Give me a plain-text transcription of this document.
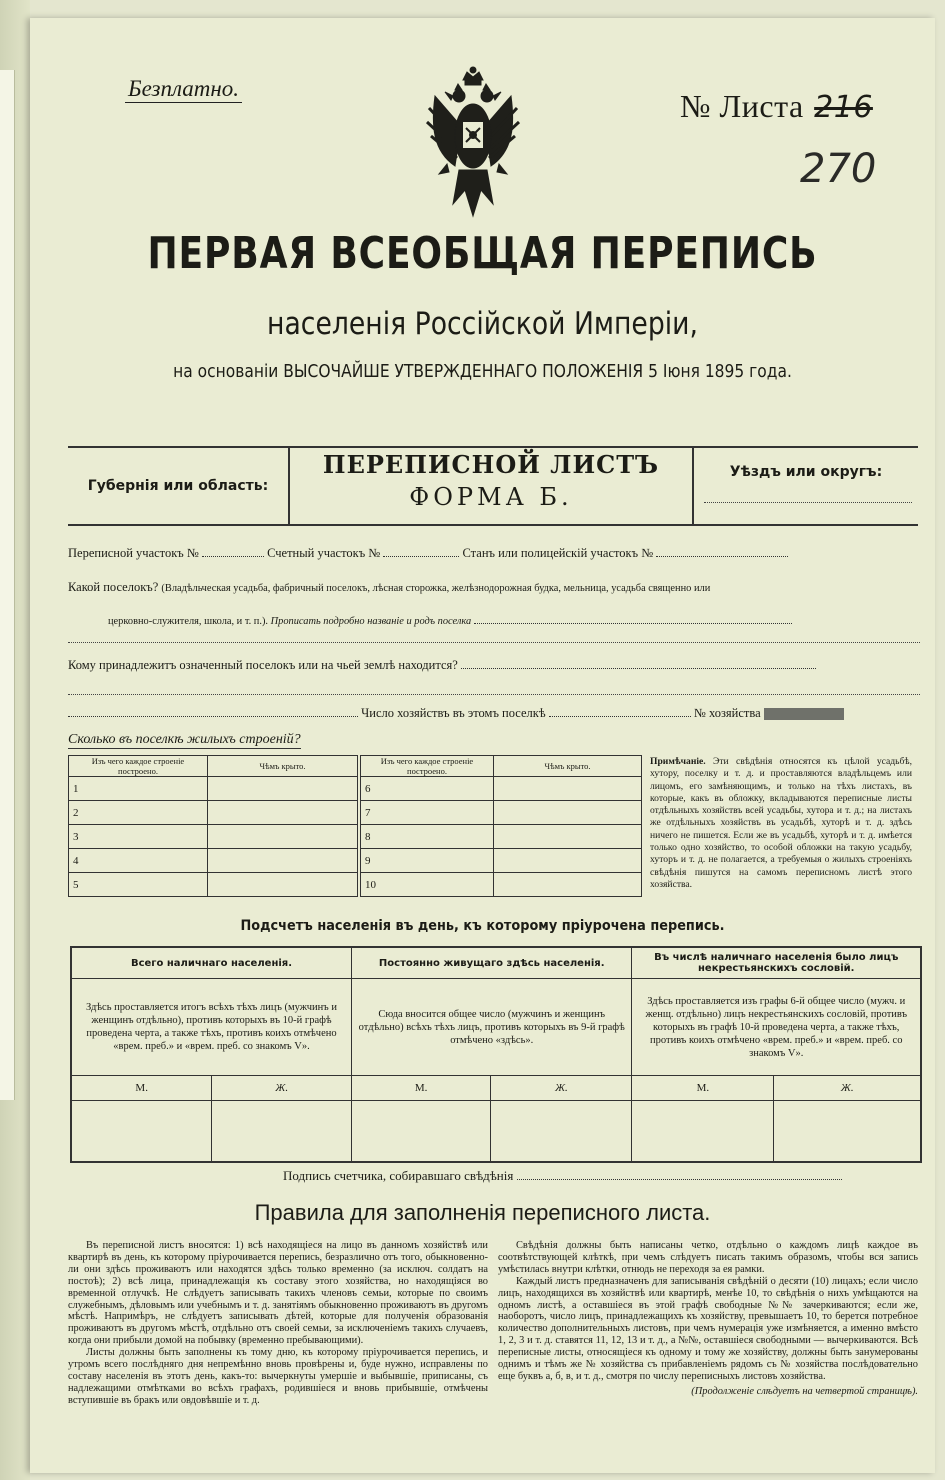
Безплатно.	№ Листа 216
270
ПЕРВАЯ ВСЕОБЩАЯ ПЕРЕПИСЬ
населенія Россійской Имперіи,
на основаніи ВЫСОЧАЙШЕ УТВЕРЖДЕННАГО ПОЛОЖЕНІЯ 5 Іюня 1895 года.
Губернія или область:
ПЕРЕПИСНОЙ ЛИСТЪ
ФОРМА Б.
Уѣздъ или округъ:
Переписной участокъ №	Счетный участокъ №	Станъ или полицейскій участокъ №
Какой поселокъ? (Владѣльческая усадьба, фабричный поселокъ, лѣсная сторожка, желѣзнодорожная будка, мельница, усадьба священно или
церковно-служителя, школа, и т. п.). Прописать подробно названіе и родъ поселка
Кому принадлежитъ означенный поселокъ или на чьей землѣ находится?
Число хозяйствъ въ этомъ поселкѣ	№ хозяйства
Сколько въ поселкѣ жилыхъ строеній?
Изъ чего каждое строеніе построено.	Чѣмъ крыто.
1	
2	
3	
4	
5	
Изъ чего каждое строеніе построено.	Чѣмъ крыто.
6	
7	
8	
9	
10	
Примѣчаніе. Эти свѣдѣнія относятся къ цѣлой усадьбѣ, хутору, поселку и т. д. и проставляются владѣльцемъ или лицомъ, его замѣняющимъ, и только на тѣхъ листахъ, въ которые, какъ въ обложку, вкладываются переписные листы отдѣльныхъ хозяйствъ всей усадьбы, хутора и т. д.; на листахъ же отдѣльныхъ хозяйствъ въ усадьбѣ, хуторѣ и т. д. здѣсь ничего не пишется. Если же въ усадьбѣ, хуторѣ и т. д. имѣется только одно хозяйство, то особой обложки на такую усадьбу, хуторъ и т. д. не полагается, а требуемыя о жилыхъ строеніяхъ свѣдѣнія пишутся на самомъ переписномъ листѣ этого хозяйства.
Подсчетъ населенія въ день, къ которому пріурочена перепись.
Всего наличнаго населенія.		Постоянно живущаго здѣсь населенія.		Въ числѣ наличнаго населенія было лицъ некрестьянскихъ сословій.	
Здѣсь проставляется итогъ всѣхъ тѣхъ лицъ (мужчинъ и женщинъ отдѣльно), противъ которыхъ въ 10-й графѣ проведена черта, а также тѣхъ, противъ коихъ отмѣчено «врем. преб.» и «врем. преб. со знакомъ V».		Сюда вносится общее число (мужчинъ и женщинъ отдѣльно) всѣхъ тѣхъ лицъ, противъ которыхъ въ 9-й графѣ отмѣчено «здѣсь».		Здѣсь проставляется изъ графы 6-й общее число (мужч. и женщ. отдѣльно) лицъ некрестьянскихъ сословій, противъ которыхъ въ графѣ 10-й проведена черта, а также тѣхъ, противъ коихъ отмѣчено «врем. преб.» и «врем. преб. со знакомъ V».	
М.	Ж.	М.	Ж.	М.	Ж.

Подпись счетчика, собиравшаго свѣдѣнія
Правила для заполненія переписного листа.

Въ переписной листъ вносятся: 1) всѣ находящіеся на лицо въ данномъ хозяйствѣ или квартирѣ въ день, къ которому пріурочивается перепись, безразлично отъ того, обыкновенно-ли они здѣсь проживаютъ или находятся здѣсь только временно (за исключ. солдатъ на постоѣ); 2) всѣ лица, принадлежащія къ составу этого хозяйства, но находящіяся во временной отлучкѣ. Не слѣдуетъ записывать такихъ членовъ семьи, которые по своимъ служебнымъ, дѣловымъ или учебнымъ и т. д. занятіямъ обыкновенно проживаютъ въ другомъ мѣстѣ. Напримѣръ, не слѣдуетъ записывать дѣтей, которые для полученія образованія проживаютъ въ другомъ мѣстѣ, отдѣльно отъ своей семьи, за исключеніемъ такихъ случаевъ, когда они прибыли домой на побывку (временно пребывающими).

Листы должны быть заполнены къ тому дню, къ которому пріурочивается перепись, и утромъ всего послѣдняго дня непремѣнно вновь провѣрены и, буде нужно, исправлены по составу населенія въ этотъ день, какъ-то: вычеркнуты умершіе и выбывшіе, приписаны, съ надлежащими отмѣтками во всѣхъ графахъ, родившіеся и вновь прибывшіе, отмѣчены вступившіе въ бракъ или овдовѣвшіе и т. д.

Свѣдѣнія должны быть написаны четко, отдѣльно о каждомъ лицѣ каждое въ соотвѣтствующей клѣткѣ, при чемъ слѣдуетъ писать такимъ образомъ, чтобы вся запись умѣстилась внутри клѣтки, отнюдь не переходя за ея рамки.

Каждый листъ предназначенъ для записыванія свѣдѣній о десяти (10) лицахъ; если число лицъ, находящихся въ хозяйствѣ или квартирѣ, менѣе 10, то свѣдѣнія о нихъ умѣщаются на одномъ листѣ, а оставшіеся въ этой графѣ свободные №№ зачеркиваются; если же, наоборотъ, число лицъ, принадлежащихъ къ хозяйству, превышаетъ 10, то берется потребное количество дополнительныхъ листовъ, при чемъ нумерація уже измѣняется, а именно вмѣсто 1, 2, 3 и т. д. ставятся 11, 12, 13 и т. д., а №№, оставшіеся свободными — вычеркиваются. Всѣ переписные листы, относящіеся къ одному и тому же хозяйству, должны быть занумерованы однимъ и тѣмъ же № хозяйства съ прибавленіемъ рядомъ съ № хозяйства послѣдовательно еще буквъ а, б, в, и т. д., смотря по числу переписныхъ листовъ хозяйства.

(Продолженіе слѣдуетъ на четвертой страницѣ).
